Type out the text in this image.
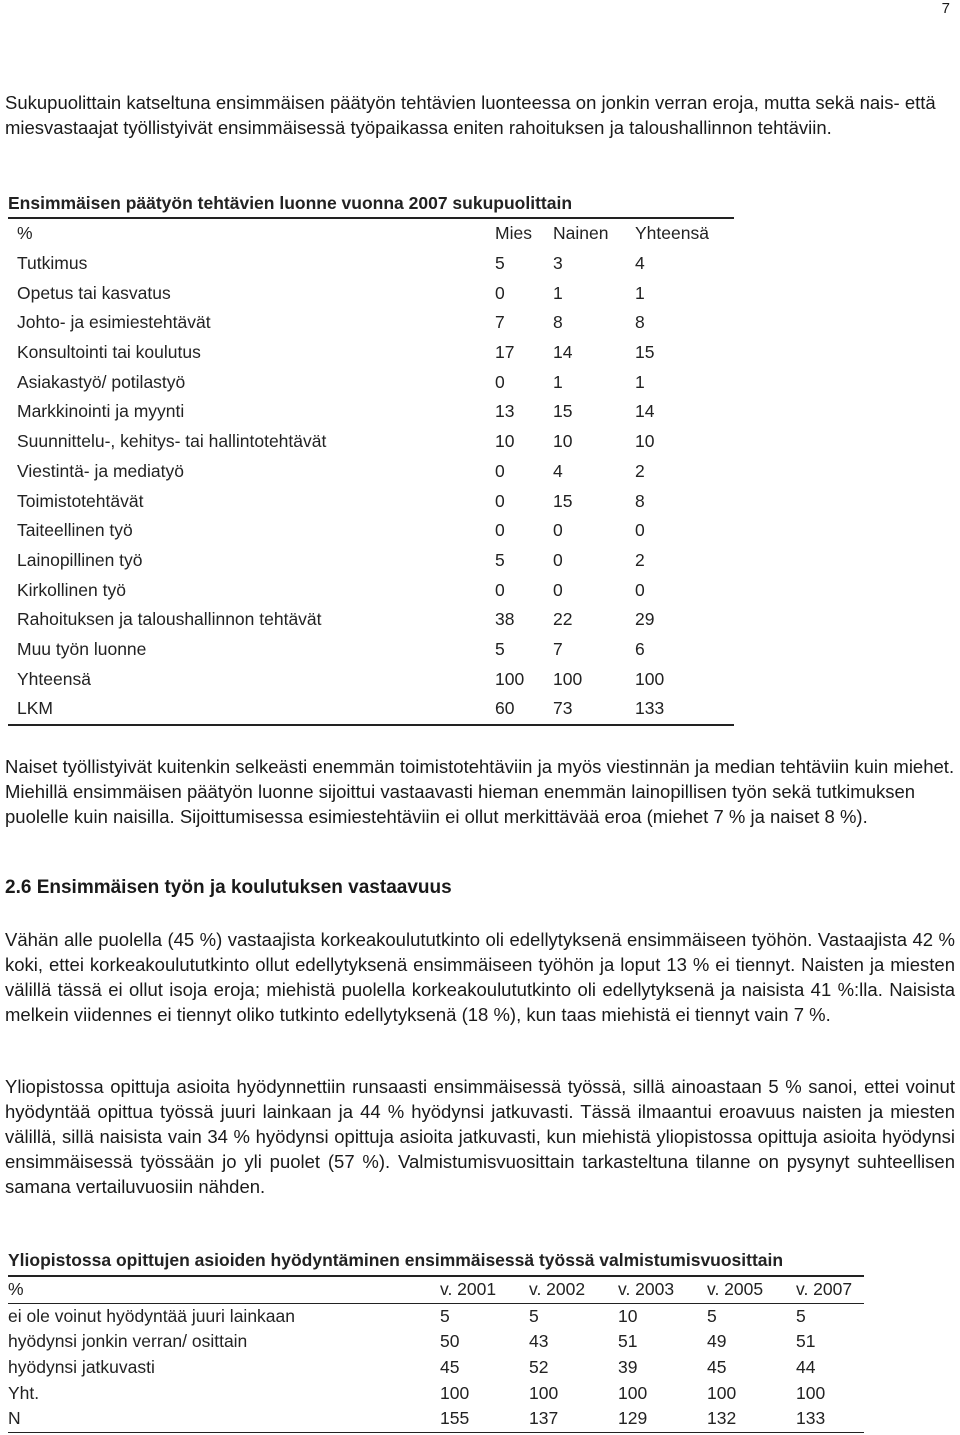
7

Sukupuolittain katseltuna ensimmäisen päätyön tehtävien luonteessa on jonkin verran eroja, mutta sekä nais- että miesvastaajat työllistyivät ensimmäisessä työpaikassa eniten rahoituksen ja taloushallinnon tehtäviin.

Ensimmäisen päätyön tehtävien luonne vuonna 2007 sukupuolittain

%	Mies	Nainen	Yhteensä
Tutkimus	5	3	4
Opetus tai kasvatus	0	1	1
Johto- ja esimiestehtävät	7	8	8
Konsultointi tai koulutus	17	14	15
Asiakastyö/ potilastyö	0	1	1
Markkinointi ja myynti	13	15	14
Suunnittelu-, kehitys- tai hallintotehtävät	10	10	10
Viestintä- ja mediatyö	0	4	2
Toimistotehtävät	0	15	8
Taiteellinen työ	0	0	0
Lainopillinen työ	5	0	2
Kirkollinen työ	0	0	0
Rahoituksen ja taloushallinnon tehtävät	38	22	29
Muu työn luonne	5	7	6
Yhteensä	100	100	100
LKM	60	73	133

Naiset työllistyivät kuitenkin selkeästi enemmän toimistotehtäviin ja myös viestinnän ja median tehtäviin kuin miehet. Miehillä ensimmäisen päätyön luonne sijoittui vastaavasti hieman enemmän lainopillisen työn sekä tutkimuksen puolelle kuin naisilla. Sijoittumisessa esimiestehtäviin ei ollut merkittävää eroa (miehet 7 % ja naiset 8 %).

2.6 Ensimmäisen työn ja koulutuksen vastaavuus

Vähän alle puolella (45 %) vastaajista korkeakoulututkinto oli edellytyksenä ensimmäiseen työhön. Vastaajista 42 % koki, ettei korkeakoulututkinto ollut edellytyksenä ensimmäiseen työhön ja loput 13 % ei tiennyt. Naisten ja miesten välillä tässä ei ollut isoja eroja; miehistä puolella korkeakoulututkinto oli edellytyksenä ja naisista 41 %:lla. Naisista melkein viidennes ei tiennyt oliko tutkinto edellytyksenä (18 %), kun taas miehistä ei tiennyt vain 7 %.

Yliopistossa opittuja asioita hyödynnettiin runsaasti ensimmäisessä työssä, sillä ainoastaan 5 % sanoi, ettei voinut hyödyntää opittua työssä juuri lainkaan ja 44 % hyödynsi jatkuvasti. Tässä ilmaantui eroavuus naisten ja miesten välillä, sillä naisista vain 34 % hyödynsi opittuja asioita jatkuvasti, kun miehistä yliopistossa opittuja asioita hyödynsi ensimmäisessä työssään jo yli puolet (57 %). Valmistumisvuosittain tarkasteltuna tilanne on pysynyt suhteellisen samana vertailuvuosiin nähden.

Yliopistossa opittujen asioiden hyödyntäminen ensimmäisessä työssä valmistumisvuosittain

%	v. 2001	v. 2002	v. 2003	v. 2005	v. 2007
ei ole voinut hyödyntää juuri lainkaan	5	5	10	5	5
hyödynsi jonkin verran/ osittain	50	43	51	49	51
hyödynsi jatkuvasti	45	52	39	45	44
Yht.	100	100	100	100	100
N	155	137	129	132	133
